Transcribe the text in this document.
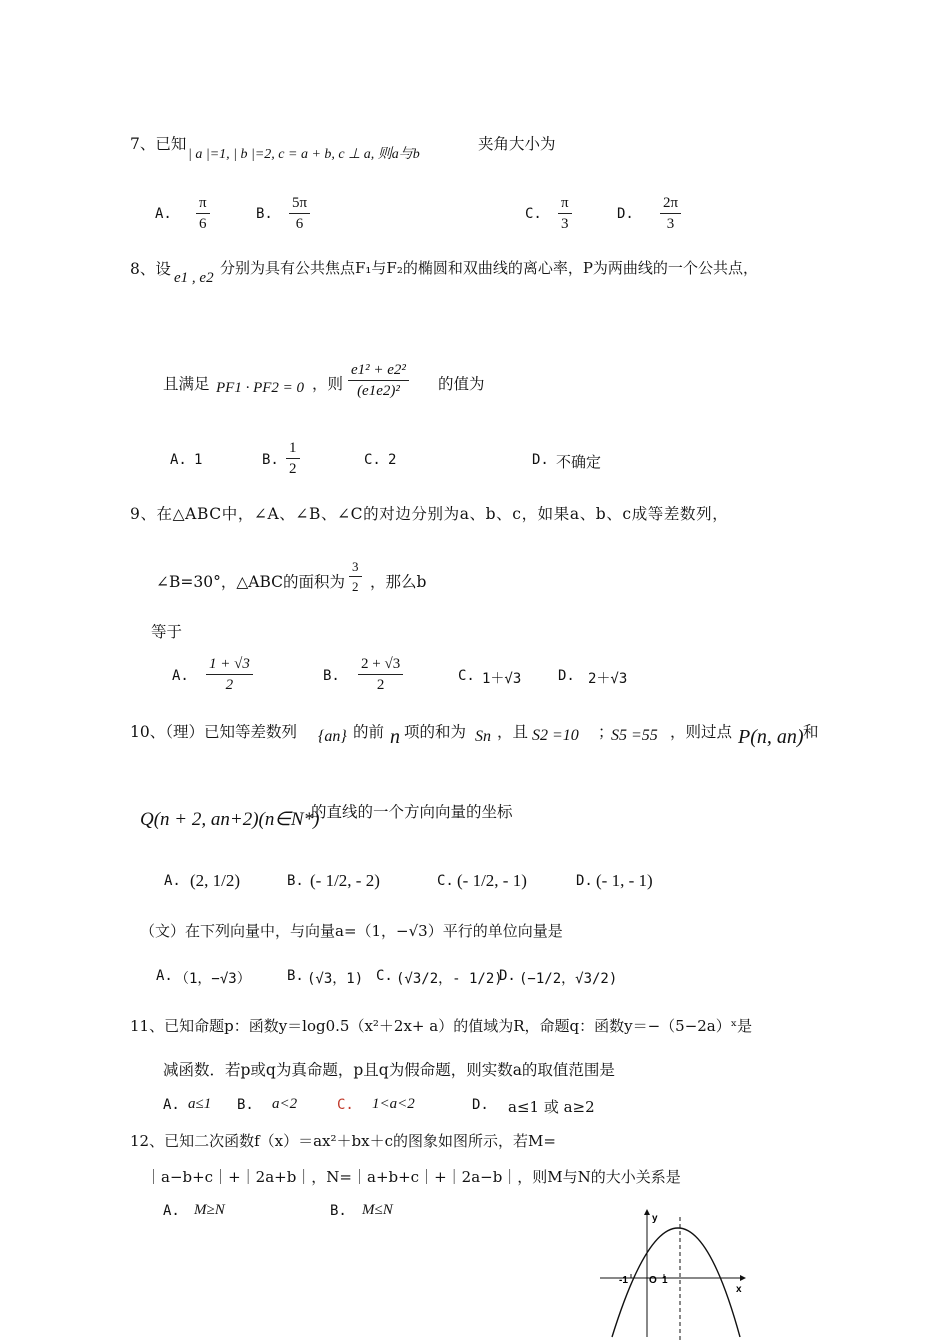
7、已知
| a |=1, | b |=2, c = a + b, c ⊥ a, 则a与b
夹角大小为
A. $\frac{\pi}{6}$	B. $\frac{5\pi}{6}$	C. $\frac{\pi}{3}$	D. $\frac{2\pi}{3}$
8、设 e1 , e2
分别为具有公共焦点F₁与F₂的椭圆和双曲线的离心率，P为两曲线的一个公共点，
且满足 PF1 · PF2 = 0 ，则 $\frac{\text{e1² + e2²}}{\text{(e1e2)²}}$ 的值为
A. 1	B. $\frac{1}{2}$	C. 2	D. 不确定
9、在△ABC中，∠A、∠B、∠C的对边分别为a、b、c，如果a、b、c成等差数列，
∠B=30°，△ABC的面积为 $\frac{3}{2}$ ，那么b
等于
A. $\frac{1 + √3}{2}$	B. $\frac{2 + √3}{2}$	C. 1＋√3	D. 2＋√3
10、（理）已知等差数列 {an} 的前 n 项的和为 Sn ，且 S2 =10 ；
S5 =55 ，则过点 P(n, an) 和
Q(n + 2, an+2)(n∈N*)
的直线的一个方向向量的坐标
A. (2, 1/2)	B. (- 1/2, - 2)	C. (- 1/2, - 1)	D. (- 1, - 1)
（文）在下列向量中，与向量a=（1，−√3）平行的单位向量是
A. （1，−√3）	B. (√3，1) C. (√3/2，- 1/2)
D. (−1/2，√3/2)
11、已知命题p：函数y＝log0.5（x²＋2x+ a）的值域为R，命题q：函数y＝−（5−2a）ˣ是
减函数．若p或q为真命题，p且q为假命题，则实数a的取值范围是
A. a≤1 B. a<2	C. 1<a<2	D. a≤1 或 a≥2
12、已知二次函数f（x）＝ax²＋bx＋c的图象如图所示，若M=
｜a−b+c｜+｜2a+b｜，N=｜a+b+c｜+｜2a−b｜，则M与N的大小关系是
A. M≥N	B. M≤N
y
x
-1 O 1
